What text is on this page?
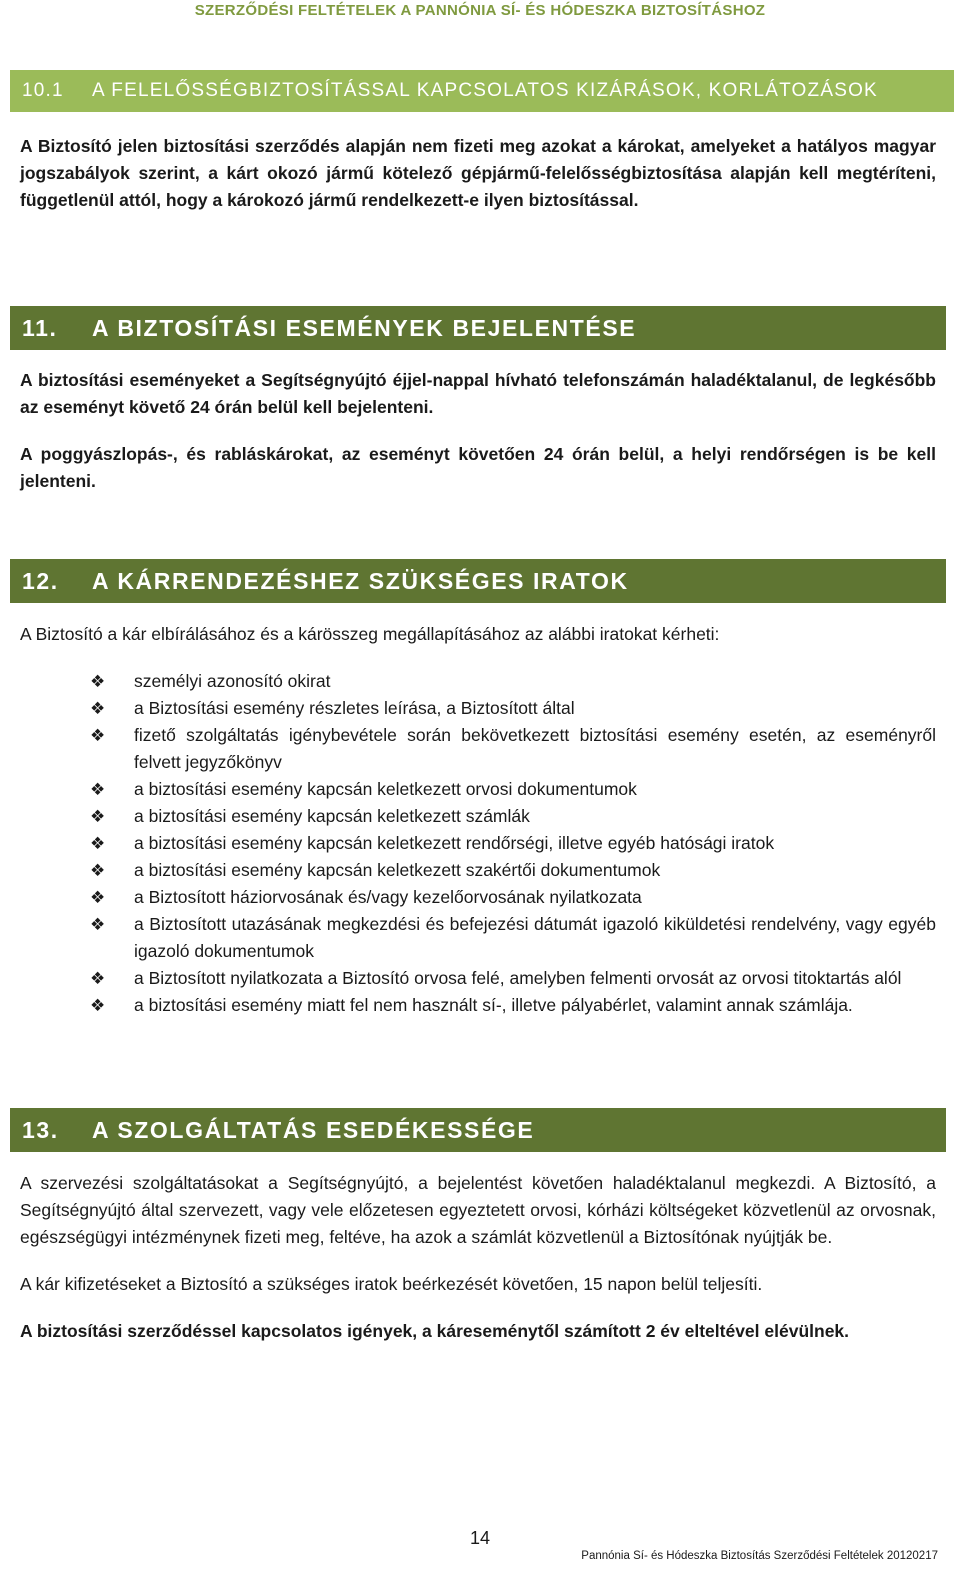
SZERZŐDÉSI FELTÉTELEK A PANNÓNIA SÍ- ÉS HÓDESZKA BIZTOSÍTÁSHOZ
10.1 A FELELŐSSÉGBIZTOSÍTÁSSAL KAPCSOLATOS KIZÁRÁSOK, KORLÁTOZÁSOK

A Biztosító jelen biztosítási szerződés alapján nem fizeti meg azokat a károkat, amelyeket a hatályos magyar jogszabályok szerint, a kárt okozó jármű kötelező gépjármű-felelősségbiztosítása alapján kell megtéríteni, függetlenül attól, hogy a károkozó jármű rendelkezett-e ilyen biztosítással.

11. A BIZTOSÍTÁSI ESEMÉNYEK BEJELENTÉSE

A biztosítási eseményeket a Segítségnyújtó éjjel-nappal hívható telefonszámán haladéktalanul, de legkésőbb az eseményt követő 24 órán belül kell bejelenteni.

A poggyászlopás-, és rabláskárokat, az eseményt követően 24 órán belül, a helyi rendőrségen is be kell jelenteni.

12. A KÁRRENDEZÉSHEZ SZÜKSÉGES IRATOK

A Biztosító a kár elbírálásához és a kárösszeg megállapításához az alábbi iratokat kérheti:

❖	személyi azonosító okirat
❖	a Biztosítási esemény részletes leírása, a Biztosított által
❖	fizető szolgáltatás igénybevétele során bekövetkezett biztosítási esemény esetén, az eseményről felvett jegyzőkönyv
❖	a biztosítási esemény kapcsán keletkezett orvosi dokumentumok
❖	a biztosítási esemény kapcsán keletkezett számlák
❖	a biztosítási esemény kapcsán keletkezett rendőrségi, illetve egyéb hatósági iratok
❖	a biztosítási esemény kapcsán keletkezett szakértői dokumentumok
❖	a Biztosított háziorvosának és/vagy kezelőorvosának nyilatkozata
❖	a Biztosított utazásának megkezdési és befejezési dátumát igazoló kiküldetési rendelvény, vagy egyéb igazoló dokumentumok
❖	a Biztosított nyilatkozata a Biztosító orvosa felé, amelyben felmenti orvosát az orvosi titoktartás alól
❖	a biztosítási esemény miatt fel nem használt sí-, illetve pályabérlet, valamint annak számlája.
13. A SZOLGÁLTATÁS ESEDÉKESSÉGE

A szervezési szolgáltatásokat a Segítségnyújtó, a bejelentést követően haladéktalanul megkezdi. A Biztosító, a Segítségnyújtó által szervezett, vagy vele előzetesen egyeztetett orvosi, kórházi költségeket közvetlenül az orvosnak, egészségügyi intézménynek fizeti meg, feltéve, ha azok a számlát közvetlenül a Biztosítónak nyújtják be.

A kár kifizetéseket a Biztosító a szükséges iratok beérkezését követően, 15 napon belül teljesíti.

A biztosítási szerződéssel kapcsolatos igények, a káreseménytől számított 2 év elteltével elévülnek.

14
Pannónia Sí- és Hódeszka Biztosítás Szerződési Feltételek 20120217
